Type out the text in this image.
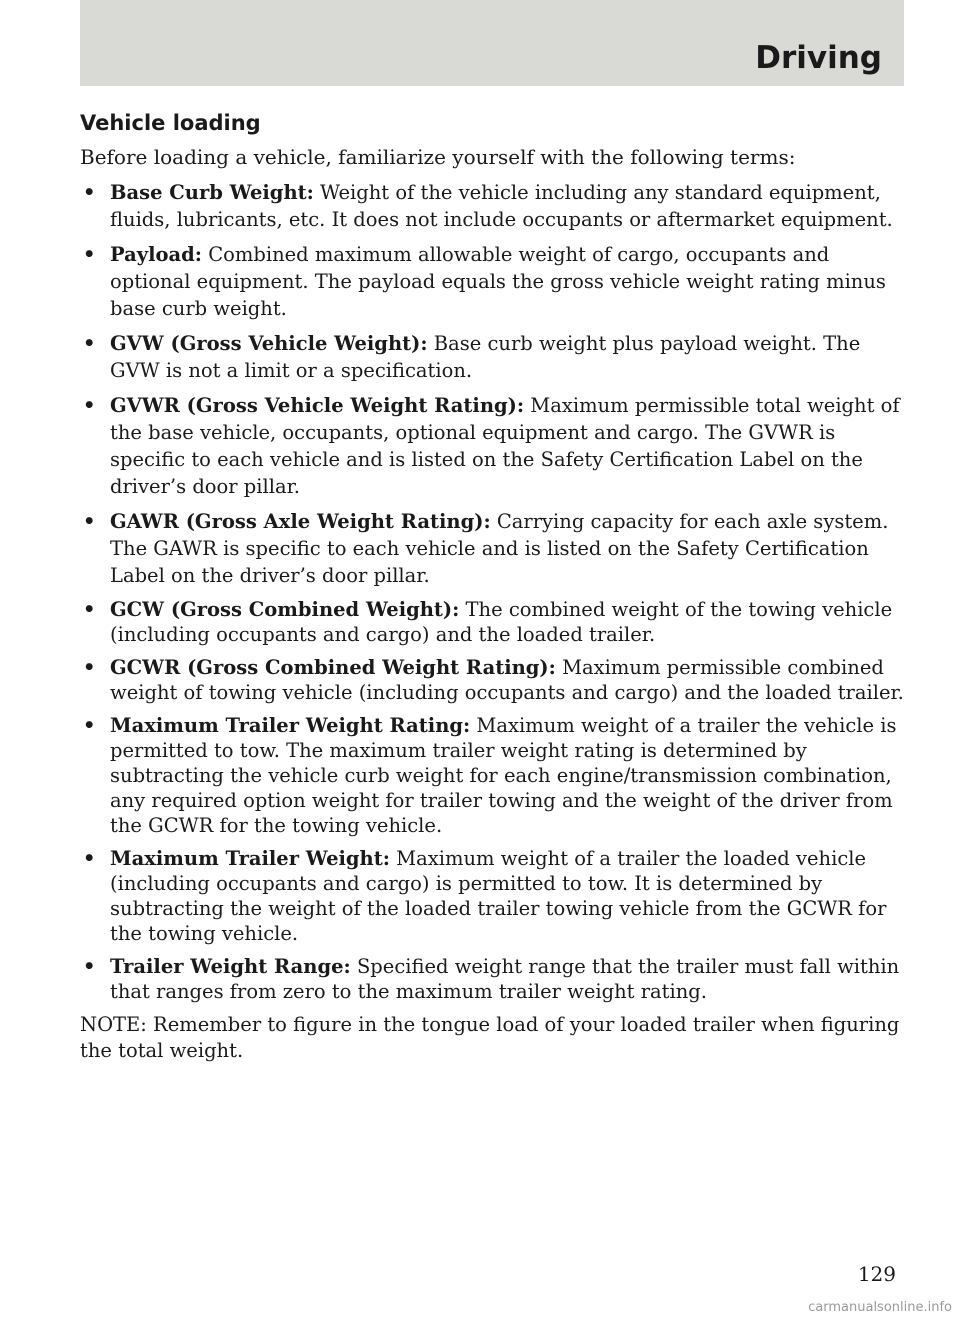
Driving
Vehicle loading

Before loading a vehicle, familiarize yourself with the following terms:

• Base Curb Weight: Weight of the vehicle including any standard equipment, fluids, lubricants, etc. It does not include occupants or aftermarket equipment.
• Payload: Combined maximum allowable weight of cargo, occupants and optional equipment. The payload equals the gross vehicle weight rating minus base curb weight.
• GVW (Gross Vehicle Weight): Base curb weight plus payload weight. The GVW is not a limit or a specification.
• GVWR (Gross Vehicle Weight Rating): Maximum permissible total weight of the base vehicle, occupants, optional equipment and cargo. The GVWR is specific to each vehicle and is listed on the Safety Certification Label on the driver’s door pillar.
• GAWR (Gross Axle Weight Rating): Carrying capacity for each axle system. The GAWR is specific to each vehicle and is listed on the Safety Certification Label on the driver’s door pillar.
• GCW (Gross Combined Weight): The combined weight of the towing vehicle (including occupants and cargo) and the loaded trailer.
• GCWR (Gross Combined Weight Rating): Maximum permissible combined weight of towing vehicle (including occupants and cargo) and the loaded trailer.
• Maximum Trailer Weight Rating: Maximum weight of a trailer the vehicle is permitted to tow. The maximum trailer weight rating is determined by subtracting the vehicle curb weight for each engine/transmission combination, any required option weight for trailer towing and the weight of the driver from the GCWR for the towing vehicle.
• Maximum Trailer Weight: Maximum weight of a trailer the loaded vehicle (including occupants and cargo) is permitted to tow. It is determined by subtracting the weight of the loaded trailer towing vehicle from the GCWR for the towing vehicle.
• Trailer Weight Range: Specified weight range that the trailer must fall within that ranges from zero to the maximum trailer weight rating.

NOTE: Remember to figure in the tongue load of your loaded trailer when figuring the total weight.

129
carmanualsonline.info
